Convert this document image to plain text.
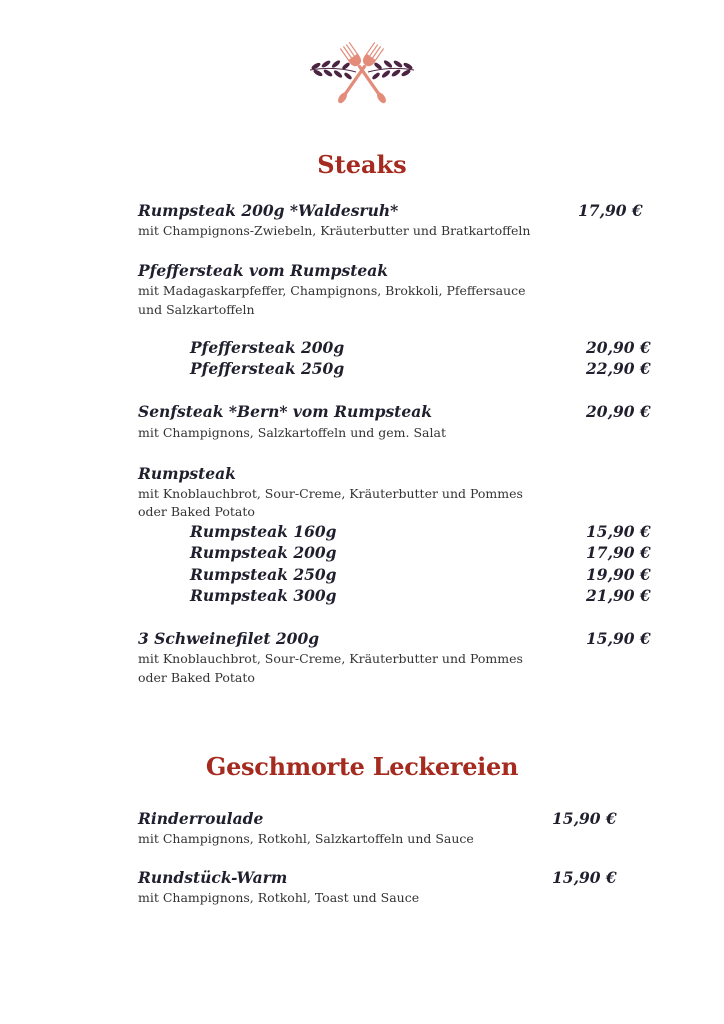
Steaks
Rumpsteak 200g *Waldesruh*	17,90 €
mit Champignons-Zwiebeln, Kräuterbutter und Bratkartoffeln
Pfeffersteak vom Rumpsteak
mit Madagaskarpfeffer, Champignons, Brokkoli, Pfeffersauce
und Salzkartoffeln
Pfeffersteak 200g	20,90 €
Pfeffersteak 250g	22,90 €
Senfsteak *Bern* vom Rumpsteak	20,90 €
mit Champignons, Salzkartoffeln und gem. Salat
Rumpsteak
mit Knoblauchbrot, Sour-Creme, Kräuterbutter und Pommes
oder Baked Potato
Rumpsteak 160g	15,90 €
Rumpsteak 200g	17,90 €
Rumpsteak 250g	19,90 €
Rumpsteak 300g	21,90 €
3 Schweinefilet 200g	15,90 €
mit Knoblauchbrot, Sour-Creme, Kräuterbutter und Pommes
oder Baked Potato
Geschmorte Leckereien
Rinderroulade	15,90 €
mit Champignons, Rotkohl, Salzkartoffeln und Sauce
Rundstück-Warm	15,90 €
mit Champignons, Rotkohl, Toast und Sauce
